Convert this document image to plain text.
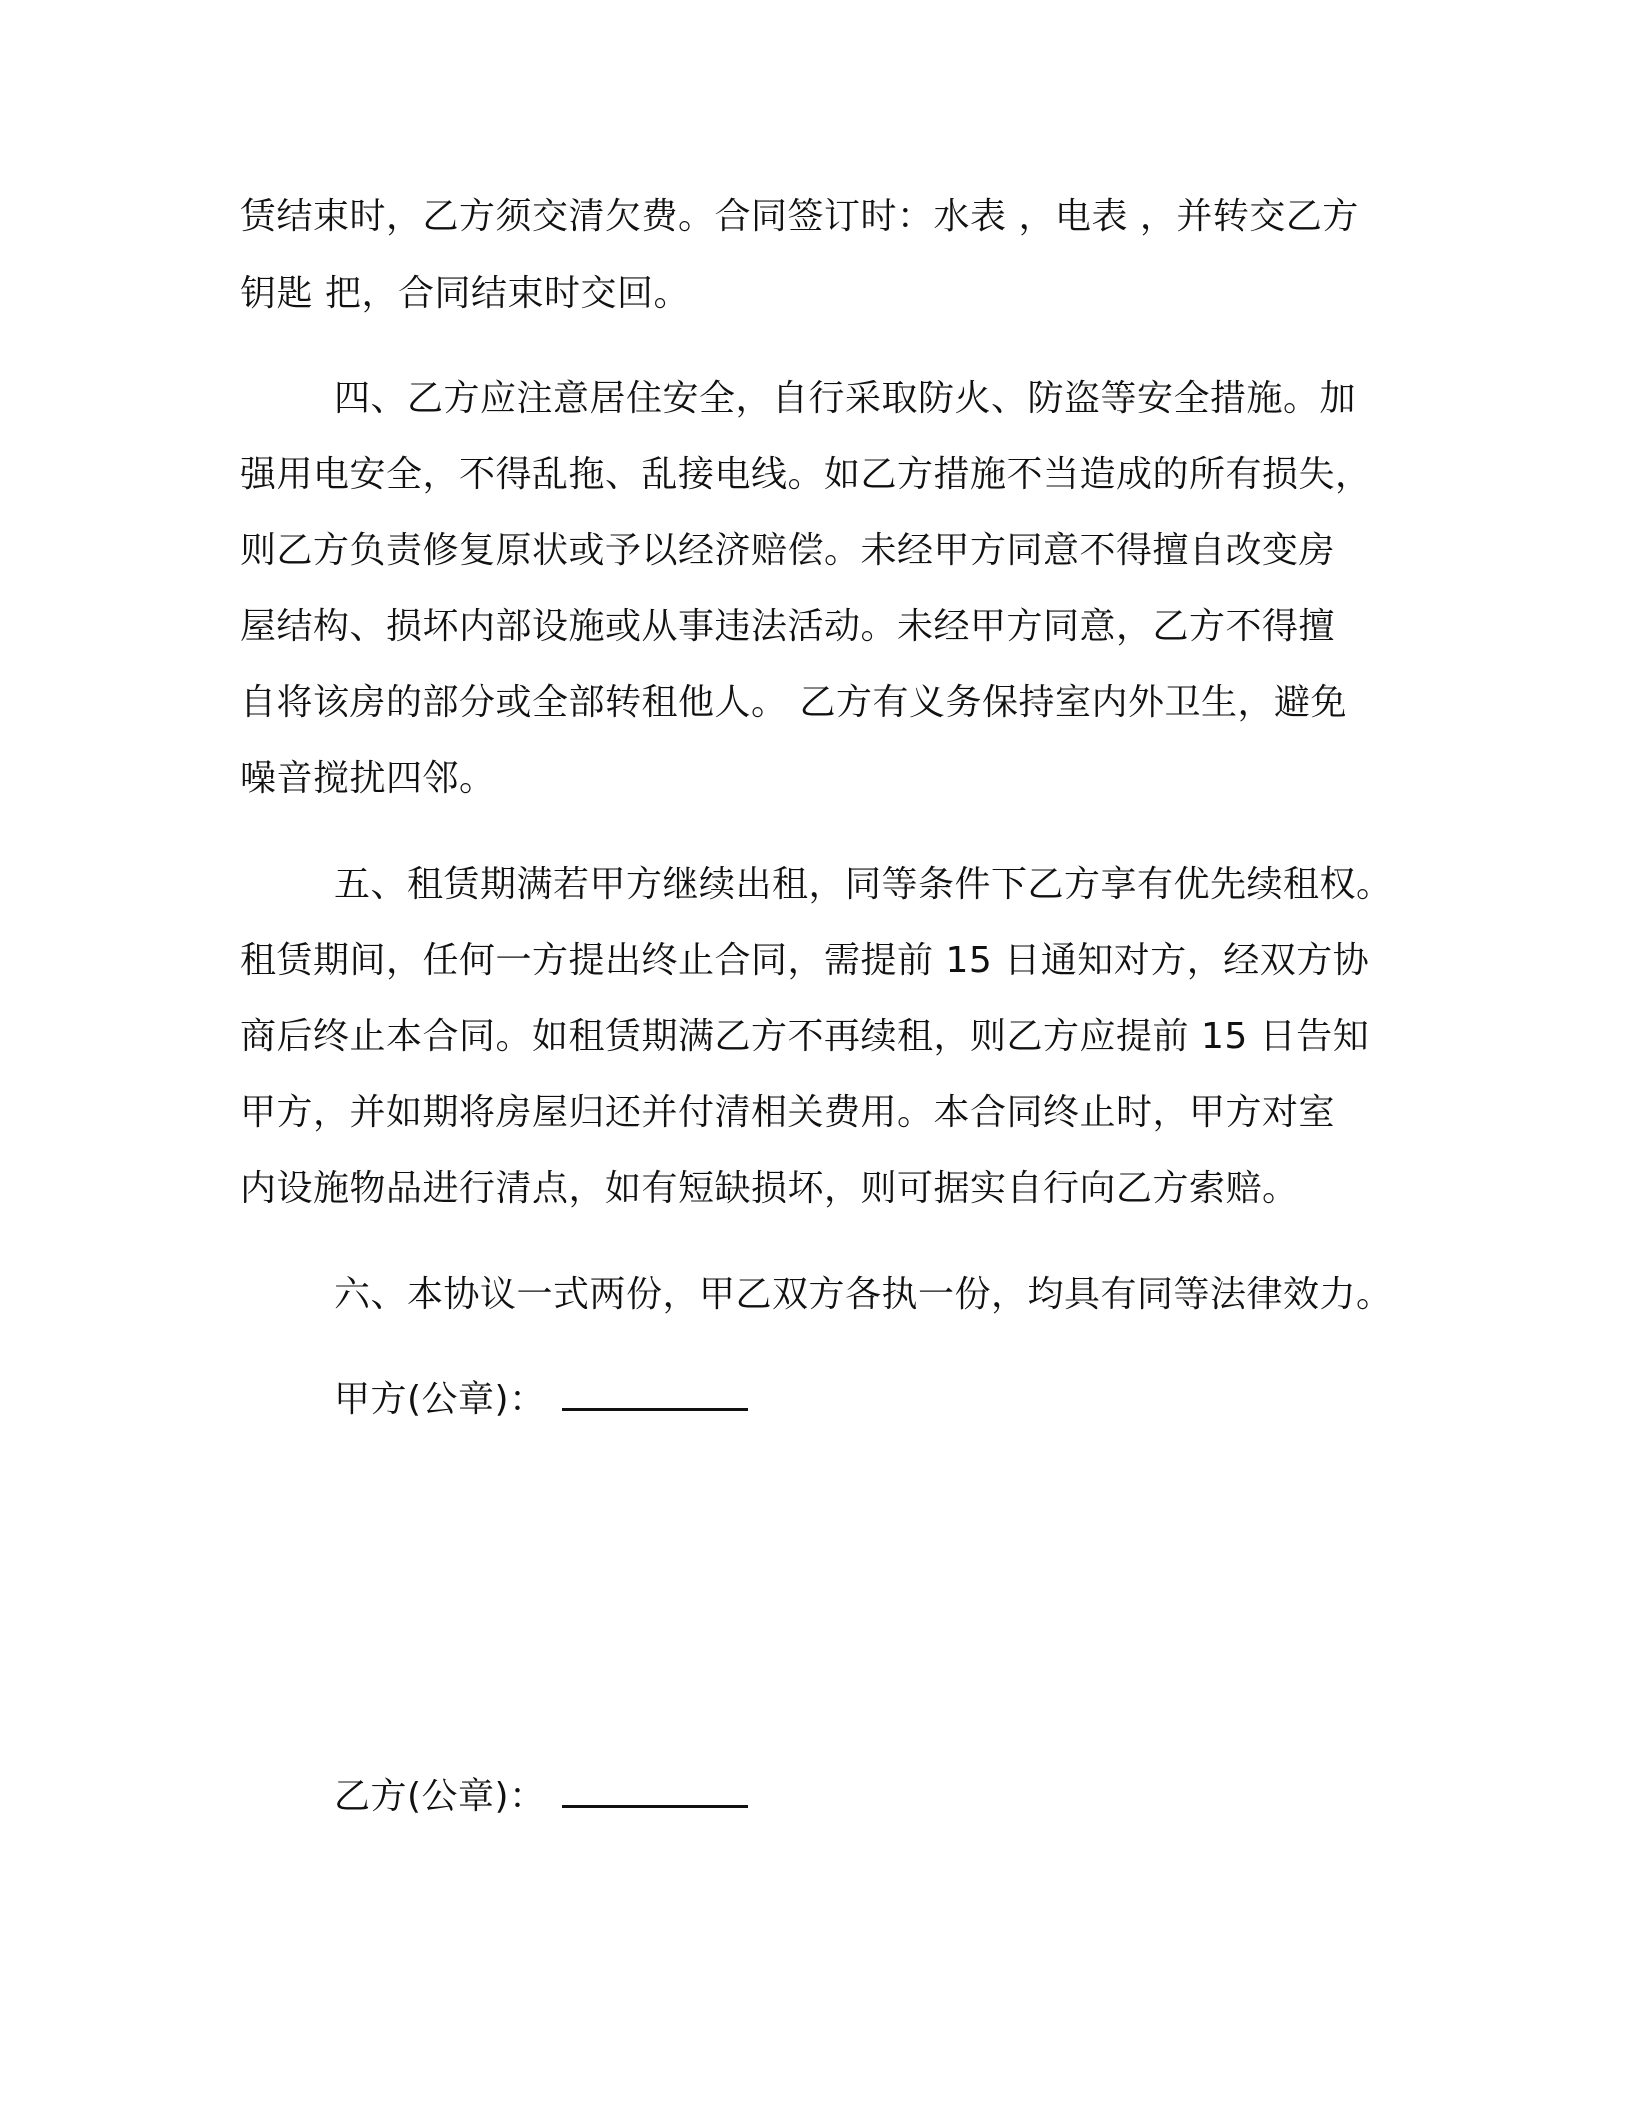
赁结束时，乙方须交清欠费。合同签订时：水表 ，电表 ，并转交乙方
钥匙 把，合同结束时交回。
四、乙方应注意居住安全，自行采取防火、防盗等安全措施。加
强用电安全，不得乱拖、乱接电线。如乙方措施不当造成的所有损失，
则乙方负责修复原状或予以经济赔偿。未经甲方同意不得擅自改变房
屋结构、损坏内部设施或从事违法活动。未经甲方同意，乙方不得擅
自将该房的部分或全部转租他人。 乙方有义务保持室内外卫生，避免
噪音搅扰四邻。
五、租赁期满若甲方继续出租，同等条件下乙方享有优先续租权。
租赁期间，任何一方提出终止合同，需提前 15 日通知对方，经双方协
商后终止本合同。如租赁期满乙方不再续租，则乙方应提前 15 日告知
甲方，并如期将房屋归还并付清相关费用。本合同终止时，甲方对室
内设施物品进行清点，如有短缺损坏，则可据实自行向乙方索赔。
六、本协议一式两份，甲乙双方各执一份，均具有同等法律效力。
甲方(公章)：
乙方(公章)：
